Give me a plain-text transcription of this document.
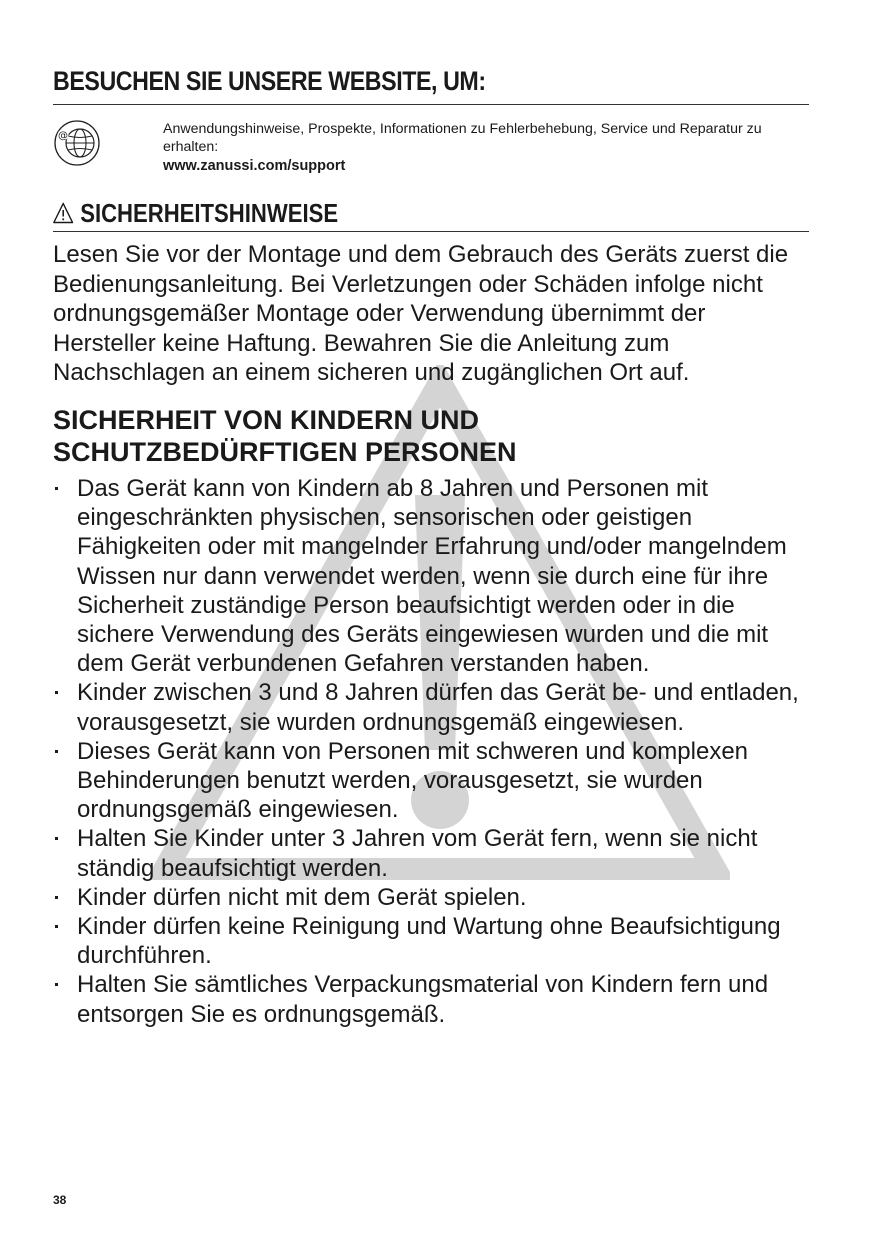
BESUCHEN SIE UNSERE WEBSITE, UM:
@	Anwendungshinweise, Prospekte, Informationen zu Fehlerbehebung, Service und Reparatur zu erhalten:

www.zanussi.com/support
SICHERHEITSHINWEISE

Lesen Sie vor der Montage und dem Gebrauch des Geräts zuerst die Bedienungsanleitung. Bei Verletzungen oder Schäden infolge nicht ordnungsgemäßer Montage oder Verwendung übernimmt der Hersteller keine Haftung. Bewahren Sie die Anleitung zum Nachschlagen an einem sicheren und zugänglichen Ort auf.

SICHERHEIT VON KINDERN UND
SCHUTZBEDÜRFTIGEN PERSONEN
Das Gerät kann von Kindern ab 8 Jahren und Personen mit eingeschränkten physischen, sensorischen oder geistigen Fähigkeiten oder mit mangelnder Erfahrung und/oder mangelndem Wissen nur dann verwendet werden, wenn sie durch eine für ihre Sicherheit zuständige Person beaufsichtigt werden oder in die sichere Verwendung des Geräts eingewiesen wurden und die mit dem Gerät verbundenen Gefahren verstanden haben.
Kinder zwischen 3 und 8 Jahren dürfen das Gerät be- und entladen, vorausgesetzt, sie wurden ordnungsgemäß eingewiesen.
Dieses Gerät kann von Personen mit schweren und komplexen Behinderungen benutzt werden, vorausgesetzt, sie wurden ordnungsgemäß eingewiesen.
Halten Sie Kinder unter 3 Jahren vom Gerät fern, wenn sie nicht ständig beaufsichtigt werden.
Kinder dürfen nicht mit dem Gerät spielen.
Kinder dürfen keine Reinigung und Wartung ohne Beaufsichtigung durchführen.
Halten Sie sämtliches Verpackungsmaterial von Kindern fern und entsorgen Sie es ordnungsgemäß.
38
